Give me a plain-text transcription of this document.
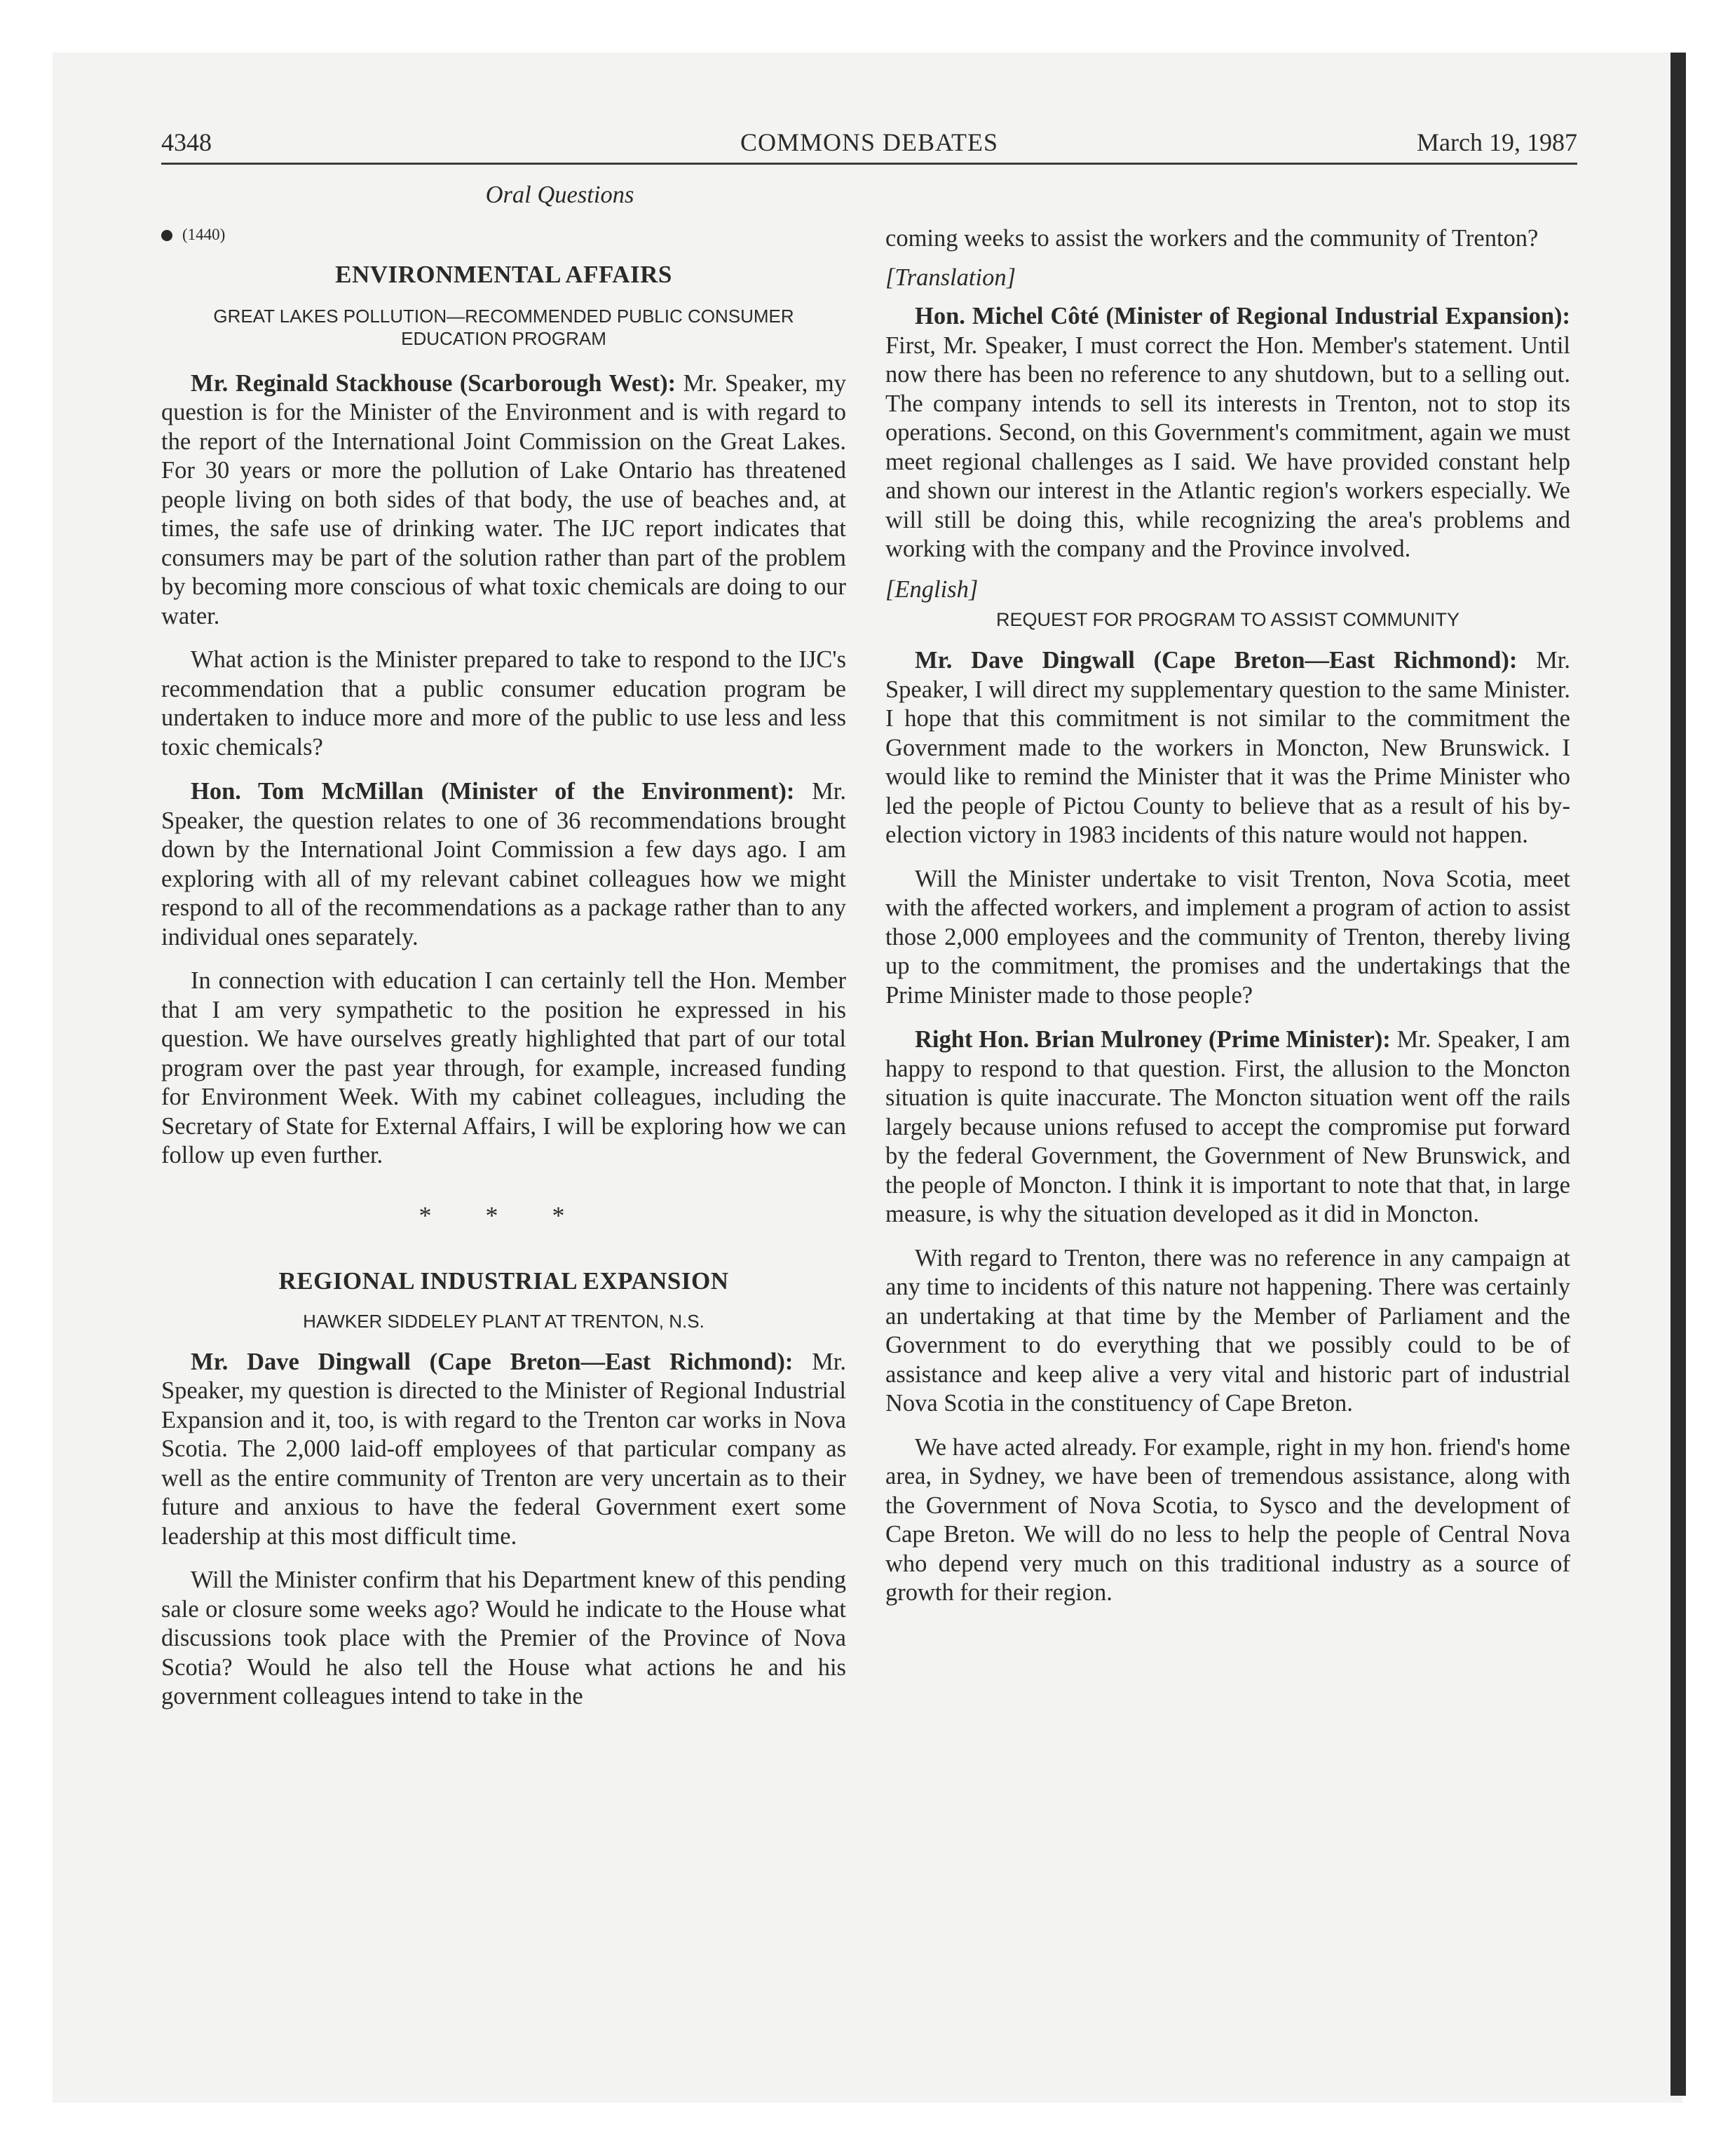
4348	COMMONS DEBATES	March 19, 1987

Oral Questions

(1440)

ENVIRONMENTAL AFFAIRS

GREAT LAKES POLLUTION—RECOMMENDED PUBLIC CONSUMER EDUCATION PROGRAM

Mr. Reginald Stackhouse (Scarborough West): Mr. Speaker, my question is for the Minister of the Environment and is with regard to the report of the International Joint Commission on the Great Lakes. For 30 years or more the pollution of Lake Ontario has threatened people living on both sides of that body, the use of beaches and, at times, the safe use of drinking water. The IJC report indicates that consumers may be part of the solution rather than part of the problem by becoming more conscious of what toxic chemicals are doing to our water.

What action is the Minister prepared to take to respond to the IJC's recommendation that a public consumer education program be undertaken to induce more and more of the public to use less and less toxic chemicals?

Hon. Tom McMillan (Minister of the Environment): Mr. Speaker, the question relates to one of 36 recommendations brought down by the International Joint Commission a few days ago. I am exploring with all of my relevant cabinet colleagues how we might respond to all of the recommendations as a package rather than to any individual ones separately.

In connection with education I can certainly tell the Hon. Member that I am very sympathetic to the position he expressed in his question. We have ourselves greatly highlighted that part of our total program over the past year through, for example, increased funding for Environment Week. With my cabinet colleagues, including the Secretary of State for External Affairs, I will be exploring how we can follow up even further.

* * *

REGIONAL INDUSTRIAL EXPANSION

HAWKER SIDDELEY PLANT AT TRENTON, N.S.

Mr. Dave Dingwall (Cape Breton—East Richmond): Mr. Speaker, my question is directed to the Minister of Regional Industrial Expansion and it, too, is with regard to the Trenton car works in Nova Scotia. The 2,000 laid-off employees of that particular company as well as the entire community of Trenton are very uncertain as to their future and anxious to have the federal Government exert some leadership at this most difficult time.

Will the Minister confirm that his Department knew of this pending sale or closure some weeks ago? Would he indicate to the House what discussions took place with the Premier of the Province of Nova Scotia? Would he also tell the House what actions he and his government colleagues intend to take in the

coming weeks to assist the workers and the community of Trenton?

[Translation]

Hon. Michel Côté (Minister of Regional Industrial Expansion): First, Mr. Speaker, I must correct the Hon. Member's statement. Until now there has been no reference to any shutdown, but to a selling out. The company intends to sell its interests in Trenton, not to stop its operations. Second, on this Government's commitment, again we must meet regional challenges as I said. We have provided constant help and shown our interest in the Atlantic region's workers especially. We will still be doing this, while recognizing the area's problems and working with the company and the Province involved.

[English]

REQUEST FOR PROGRAM TO ASSIST COMMUNITY

Mr. Dave Dingwall (Cape Breton—East Richmond): Mr. Speaker, I will direct my supplementary question to the same Minister. I hope that this commitment is not similar to the commitment the Government made to the workers in Moncton, New Brunswick. I would like to remind the Minister that it was the Prime Minister who led the people of Pictou County to believe that as a result of his by-election victory in 1983 incidents of this nature would not happen.

Will the Minister undertake to visit Trenton, Nova Scotia, meet with the affected workers, and implement a program of action to assist those 2,000 employees and the community of Trenton, thereby living up to the commitment, the promises and the undertakings that the Prime Minister made to those people?

Right Hon. Brian Mulroney (Prime Minister): Mr. Speaker, I am happy to respond to that question. First, the allusion to the Moncton situation is quite inaccurate. The Moncton situation went off the rails largely because unions refused to accept the compromise put forward by the federal Government, the Government of New Brunswick, and the people of Moncton. I think it is important to note that that, in large measure, is why the situation developed as it did in Moncton.

With regard to Trenton, there was no reference in any campaign at any time to incidents of this nature not happening. There was certainly an undertaking at that time by the Member of Parliament and the Government to do everything that we possibly could to be of assistance and keep alive a very vital and historic part of industrial Nova Scotia in the constituency of Cape Breton.

We have acted already. For example, right in my hon. friend's home area, in Sydney, we have been of tremendous assistance, along with the Government of Nova Scotia, to Sysco and the development of Cape Breton. We will do no less to help the people of Central Nova who depend very much on this traditional industry as a source of growth for their region.
